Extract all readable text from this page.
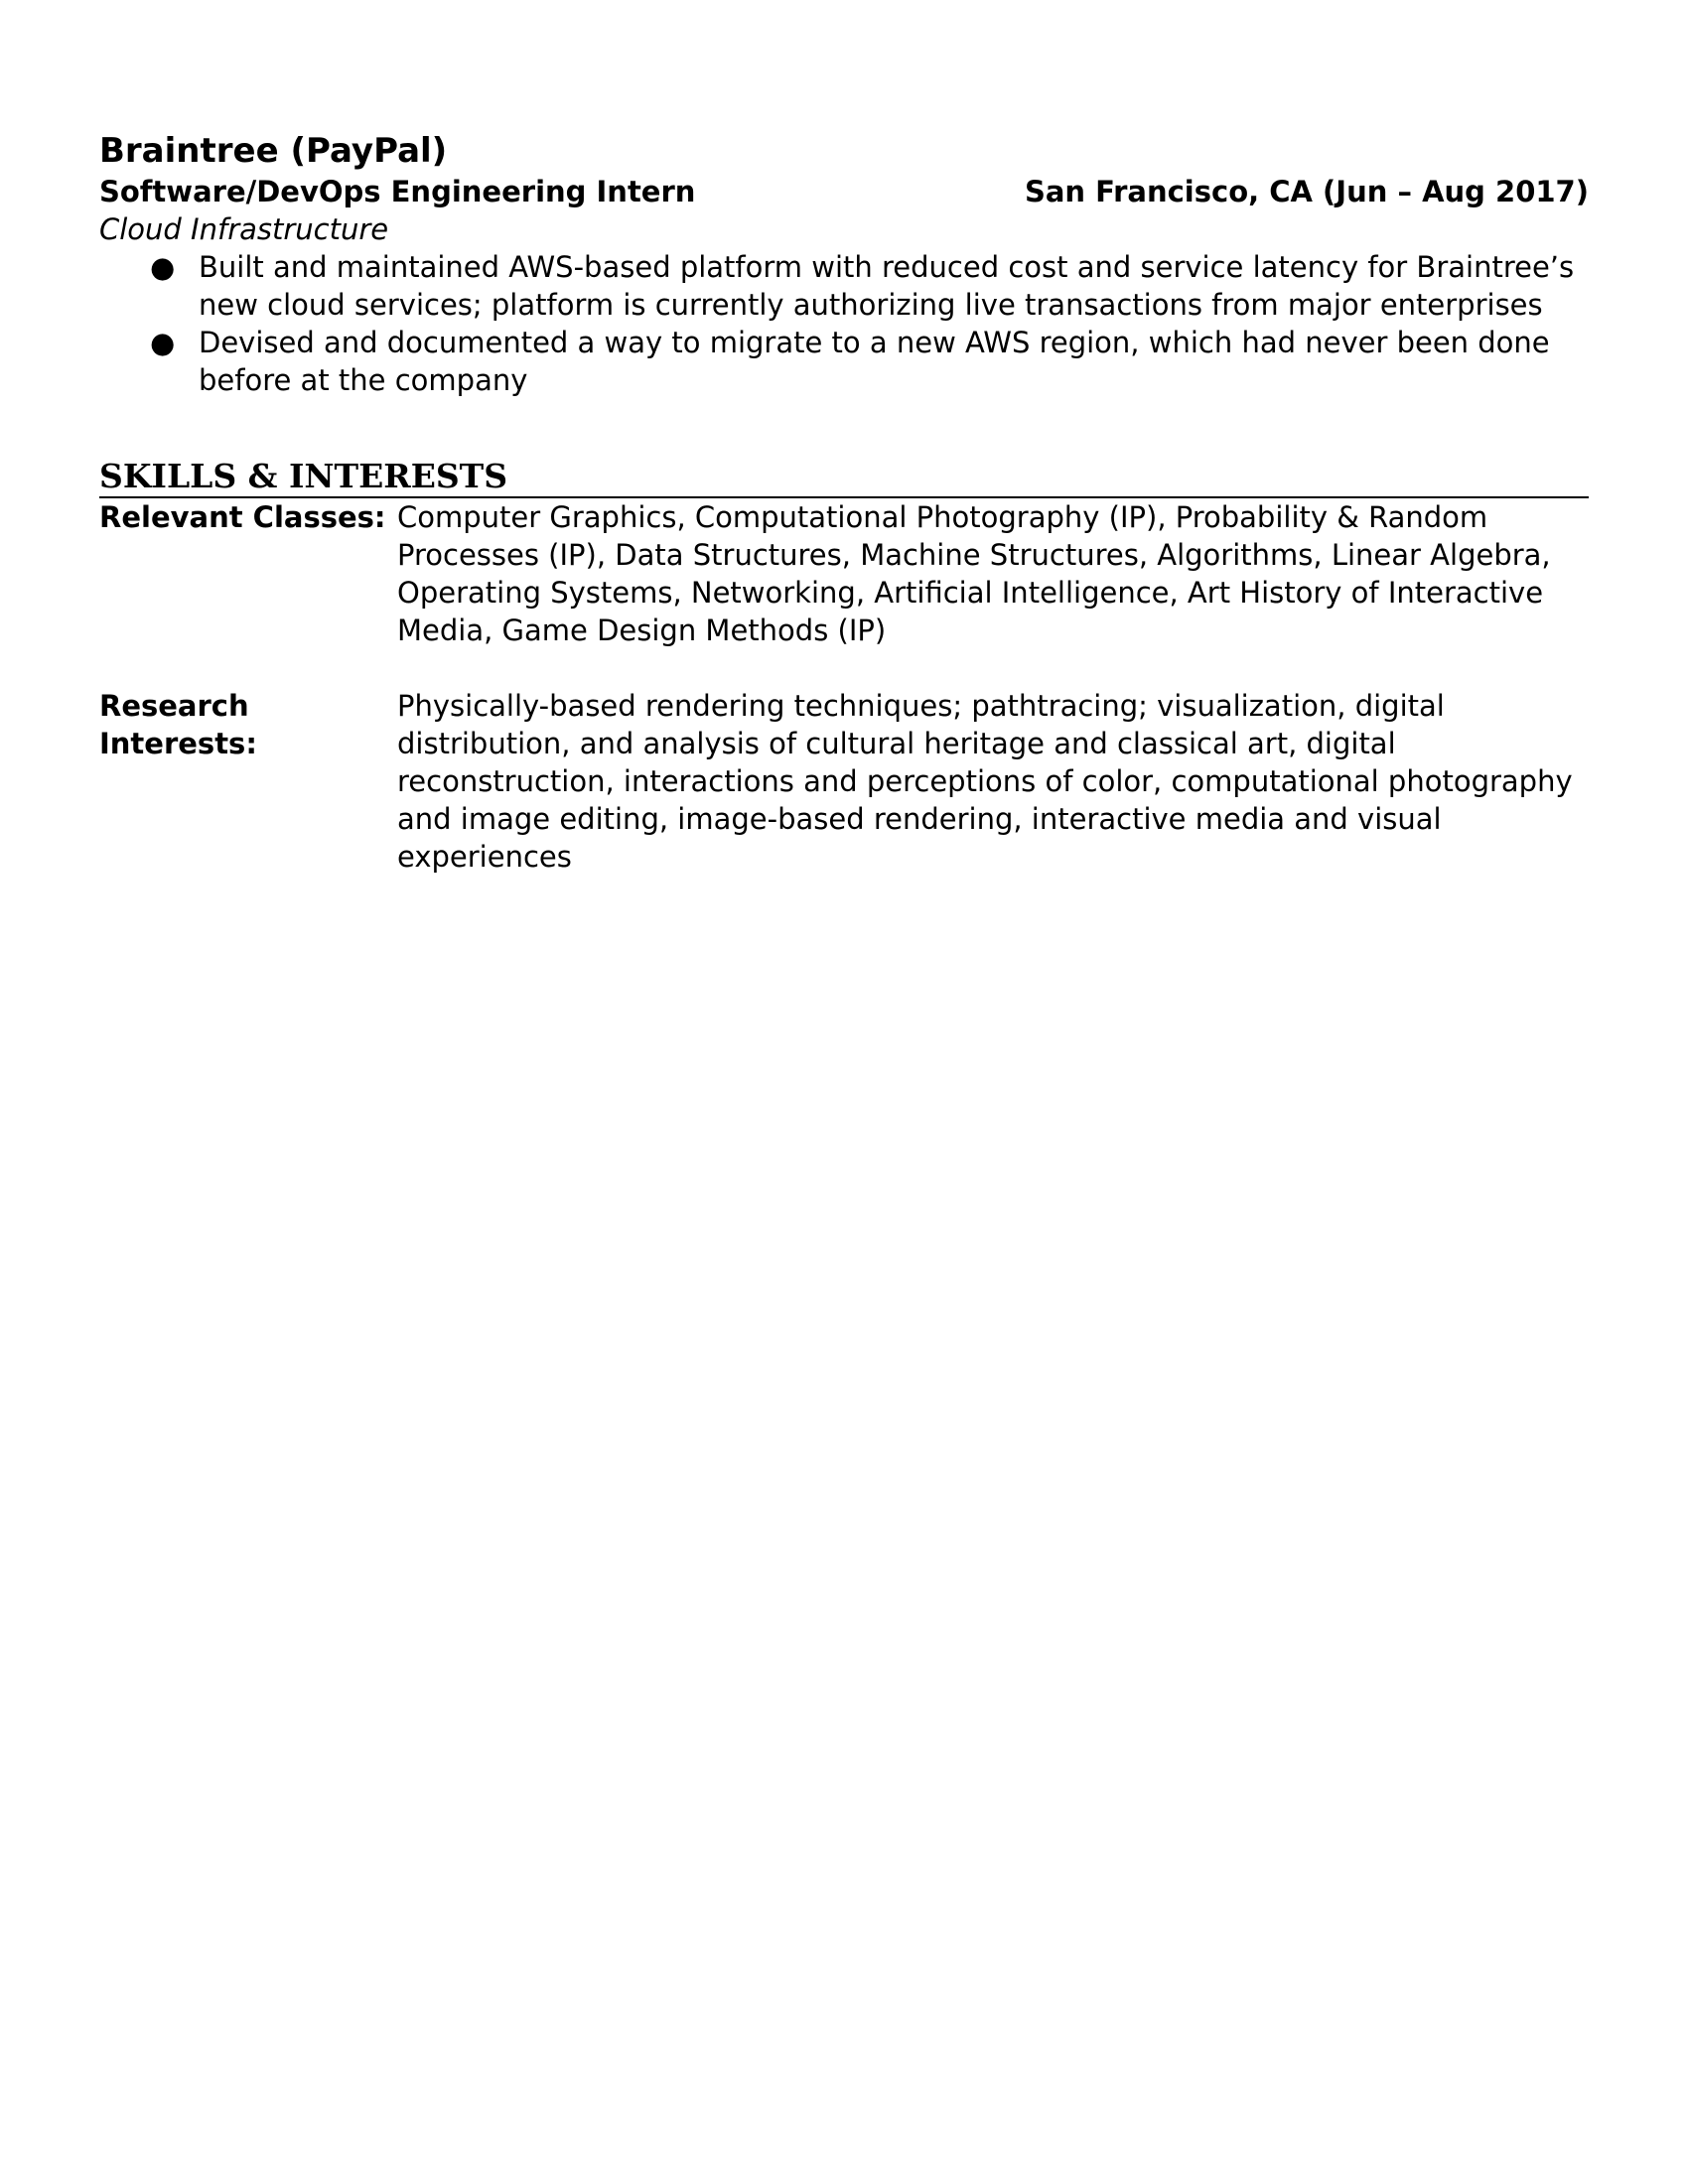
Braintree (PayPal)
Software/DevOps Engineering Intern	San Francisco, CA (Jun – Aug 2017)
Cloud Infrastructure
● Built and maintained AWS-based platform with reduced cost and service latency for Braintree’s new cloud services; platform is currently authorizing live transactions from major enterprises
● Devised and documented a way to migrate to a new AWS region, which had never been done before at the company
SKILLS & INTERESTS
Relevant Classes: Computer Graphics, Computational Photography (IP), Probability & Random Processes (IP), Data Structures, Machine Structures, Algorithms, Linear Algebra, Operating Systems, Networking, Artificial Intelligence, Art History of Interactive Media, Game Design Methods (IP)
Research Interests:
Physically-based rendering techniques; pathtracing; visualization, digital distribution, and analysis of cultural heritage and classical art, digital reconstruction, interactions and perceptions of color, computational photography and image editing, image-based rendering, interactive media and visual experiences
